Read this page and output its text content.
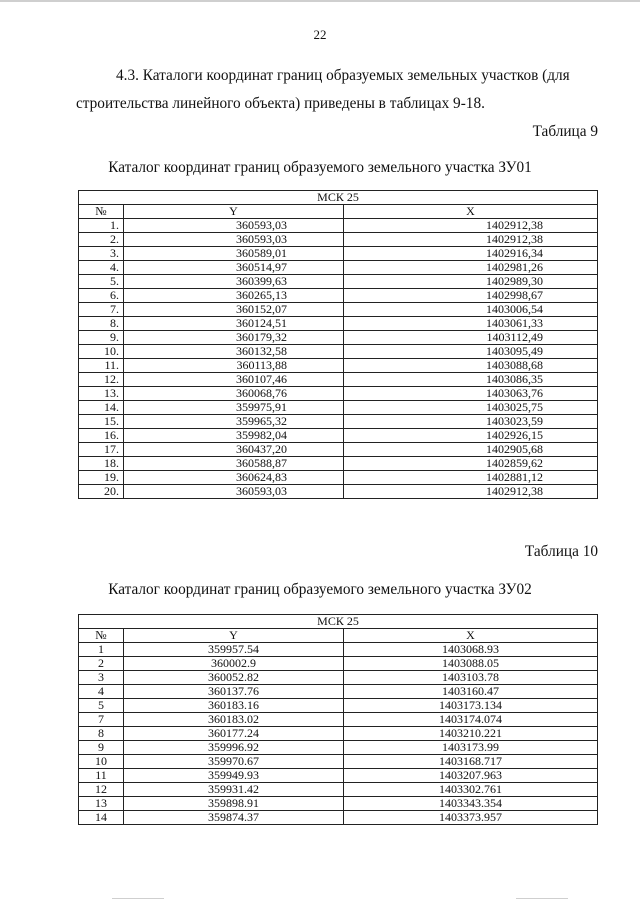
22
4.3. Каталоги координат границ образуемых земельных участков (для
строительства линейного объекта) приведены в таблицах 9-18.
Таблица 9
Каталог координат границ образуемого земельного участка ЗУ01
МСК 25		
№	Y	X
1.	360593,03	1402912,38
2.	360593,03	1402912,38
3.	360589,01	1402916,34
4.	360514,97	1402981,26
5.	360399,63	1402989,30
6.	360265,13	1402998,67
7.	360152,07	1403006,54
8.	360124,51	1403061,33
9.	360179,32	1403112,49
10.	360132,58	1403095,49
11.	360113,88	1403088,68
12.	360107,46	1403086,35
13.	360068,76	1403063,76
14.	359975,91	1403025,75
15.	359965,32	1403023,59
16.	359982,04	1402926,15
17.	360437,20	1402905,68
18.	360588,87	1402859,62
19.	360624,83	1402881,12
20.	360593,03	1402912,38
Таблица 10
Каталог координат границ образуемого земельного участка ЗУ02
МСК 25		
№	Y	X
1	359957.54	1403068.93
2	360002.9	1403088.05
3	360052.82	1403103.78
4	360137.76	1403160.47
5	360183.16	1403173.134
7	360183.02	1403174.074
8	360177.24	1403210.221
9	359996.92	1403173.99
10	359970.67	1403168.717
11	359949.93	1403207.963
12	359931.42	1403302.761
13	359898.91	1403343.354
14	359874.37	1403373.957
